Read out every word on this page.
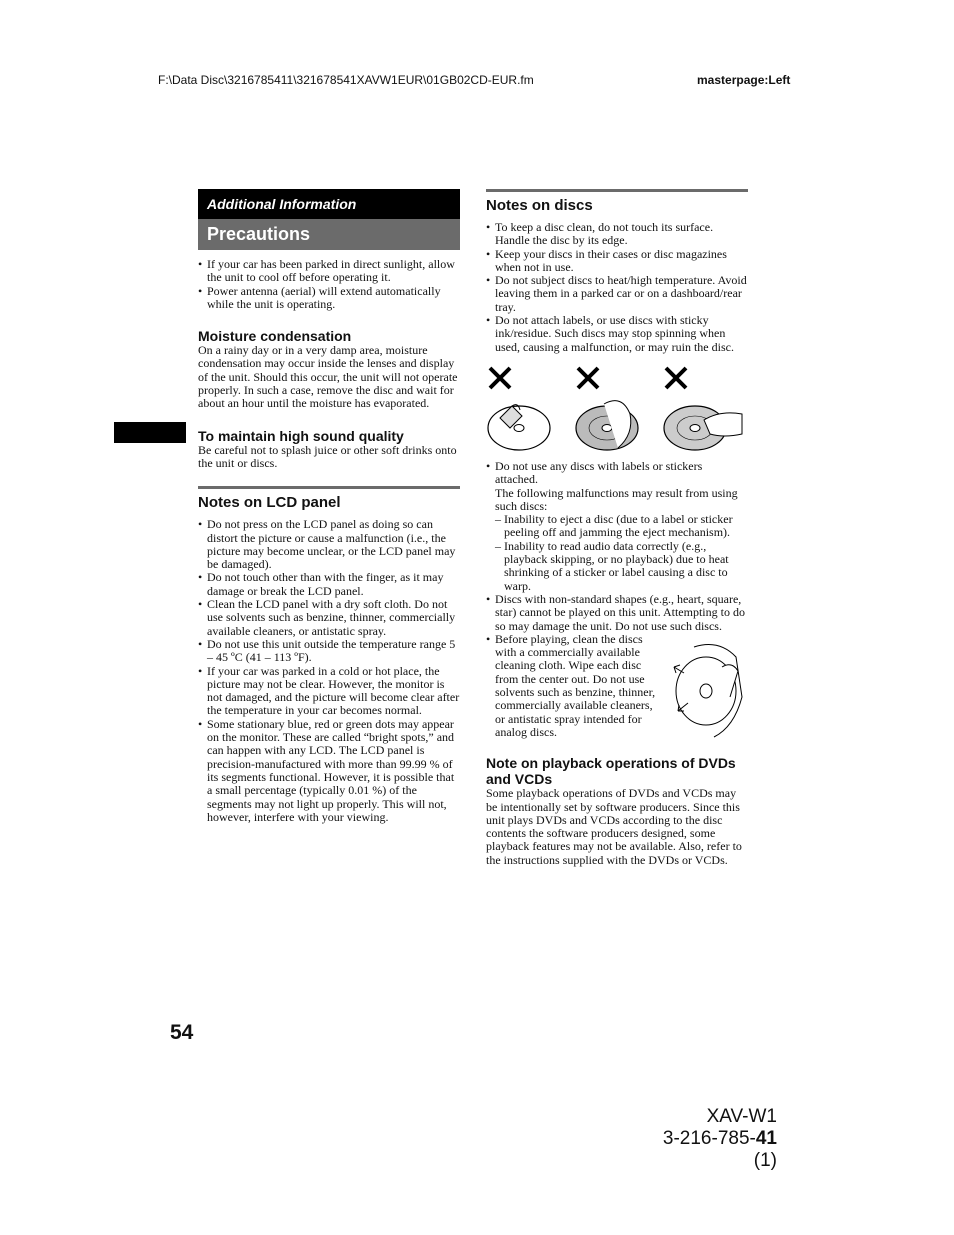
F:\Data Disc\3216785411\321678541XAVW1EUR\01GB02CD-EUR.fm	masterpage:Left
Additional Information
Precautions
• If your car has been parked in direct sunlight, allow the unit to cool off before operating it.
• Power antenna (aerial) will extend automatically while the unit is operating.
Moisture condensation
On a rainy day or in a very damp area, moisture condensation may occur inside the lenses and display of the unit. Should this occur, the unit will not operate properly. In such a case, remove the disc and wait for about an hour until the moisture has evaporated.
To maintain high sound quality
Be careful not to splash juice or other soft drinks onto the unit or discs.
Notes on LCD panel
• Do not press on the LCD panel as doing so can distort the picture or cause a malfunction (i.e., the picture may become unclear, or the LCD panel may be damaged).
• Do not touch other than with the finger, as it may damage or break the LCD panel.
• Clean the LCD panel with a dry soft cloth. Do not use solvents such as benzine, thinner, commercially available cleaners, or antistatic spray.
• Do not use this unit outside the temperature range 5 – 45 ºC (41 – 113 ºF).
• If your car was parked in a cold or hot place, the picture may not be clear. However, the monitor is not damaged, and the picture will become clear after the temperature in your car becomes normal.
• Some stationary blue, red or green dots may appear on the monitor. These are called “bright spots,” and can happen with any LCD. The LCD panel is precision-manufactured with more than 99.99 % of its segments functional. However, it is possible that a small percentage (typically 0.01 %) of the segments may not light up properly. This will not, however, interfere with your viewing.
Notes on discs
• To keep a disc clean, do not touch its surface. Handle the disc by its edge.
• Keep your discs in their cases or disc magazines when not in use.
• Do not subject discs to heat/high temperature. Avoid leaving them in a parked car or on a dashboard/rear tray.
• Do not attach labels, or use discs with sticky ink/residue. Such discs may stop spinning when used, causing a malfunction, or may ruin the disc.
• Do not use any discs with labels or stickers attached.
The following malfunctions may result from using such discs:
– Inability to eject a disc (due to a label or sticker peeling off and jamming the eject mechanism).
– Inability to read audio data correctly (e.g., playback skipping, or no playback) due to heat shrinking of a sticker or label causing a disc to warp.
• Discs with non-standard shapes (e.g., heart, square, star) cannot be played on this unit. Attempting to do so may damage the unit. Do not use such discs.
• Before playing, clean the discs with a commercially available cleaning cloth. Wipe each disc from the center out. Do not use solvents such as benzine, thinner, commercially available cleaners, or antistatic spray intended for analog discs.
Note on playback operations of DVDs and VCDs
Some playback operations of DVDs and VCDs may be intentionally set by software producers. Since this unit plays DVDs and VCDs according to the disc contents the software producers designed, some playback features may not be available. Also, refer to the instructions supplied with the DVDs or VCDs.
54
XAV-W1
3-216-785-41 (1)
